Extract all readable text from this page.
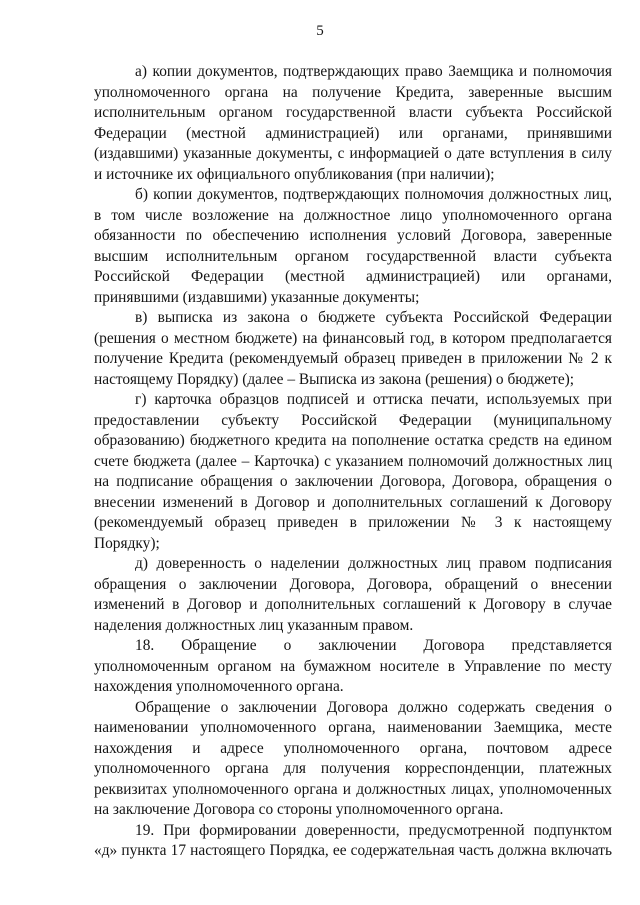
5

а) копии документов, подтверждающих право Заемщика и полномочия уполномоченного органа на получение Кредита, заверенные высшим исполнительным органом государственной власти субъекта Российской Федерации (местной администрацией) или органами, принявшими (издавшими) указанные документы, с информацией о дате вступления в силу и источнике их официального опубликования (при наличии);

б) копии документов, подтверждающих полномочия должностных лиц, в том числе возложение на должностное лицо уполномоченного органа обязанности по обеспечению исполнения условий Договора, заверенные высшим исполнительным органом государственной власти субъекта Российской Федерации (местной администрацией) или органами, принявшими (издавшими) указанные документы;

в) выписка из закона о бюджете субъекта Российской Федерации (решения о местном бюджете) на финансовый год, в котором предполагается получение Кредита (рекомендуемый образец приведен в приложении № 2 к настоящему Порядку) (далее – Выписка из закона (решения) о бюджете);

г) карточка образцов подписей и оттиска печати, используемых при предоставлении субъекту Российской Федерации (муниципальному образованию) бюджетного кредита на пополнение остатка средств на едином счете бюджета (далее – Карточка) с указанием полномочий должностных лиц на подписание обращения о заключении Договора, Договора, обращения о внесении изменений в Договор и дополнительных соглашений к Договору (рекомендуемый образец приведен в приложении № 3 к настоящему Порядку);

д) доверенность о наделении должностных лиц правом подписания обращения о заключении Договора, Договора, обращений о внесении изменений в Договор и дополнительных соглашений к Договору в случае наделения должностных лиц указанным правом.

18. Обращение о заключении Договора представляется уполномоченным органом на бумажном носителе в Управление по месту нахождения уполномоченного органа.

Обращение о заключении Договора должно содержать сведения о наименовании уполномоченного органа, наименовании Заемщика, месте нахождения и адресе уполномоченного органа, почтовом адресе уполномоченного органа для получения корреспонденции, платежных реквизитах уполномоченного органа и должностных лицах, уполномоченных на заключение Договора со стороны уполномоченного органа.

19. При формировании доверенности, предусмотренной подпунктом «д» пункта 17 настоящего Порядка, ее содержательная часть должна включать
